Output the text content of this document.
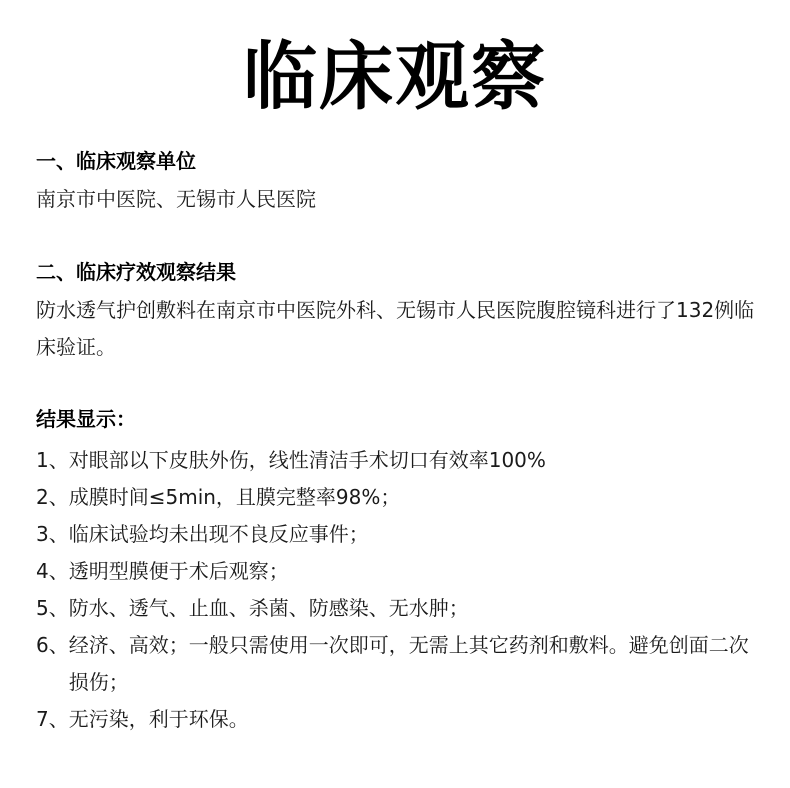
临床观察
一、临床观察单位
南京市中医院、无锡市人民医院
二、临床疗效观察结果
防水透气护创敷料在南京市中医院外科、无锡市人民医院腹腔镜科进行了132例临床验证。
结果显示：
1、 对眼部以下皮肤外伤，线性清洁手术切口有效率100%
2、 成膜时间≤5min，且膜完整率98%；
3、 临床试验均未出现不良反应事件；
4、 透明型膜便于术后观察；
5、 防水、透气、止血、杀菌、防感染、无水肿；
6、 经济、高效；一般只需使用一次即可，无需上其它药剂和敷料。避免创面二次损伤；
7、 无污染，利于环保。
